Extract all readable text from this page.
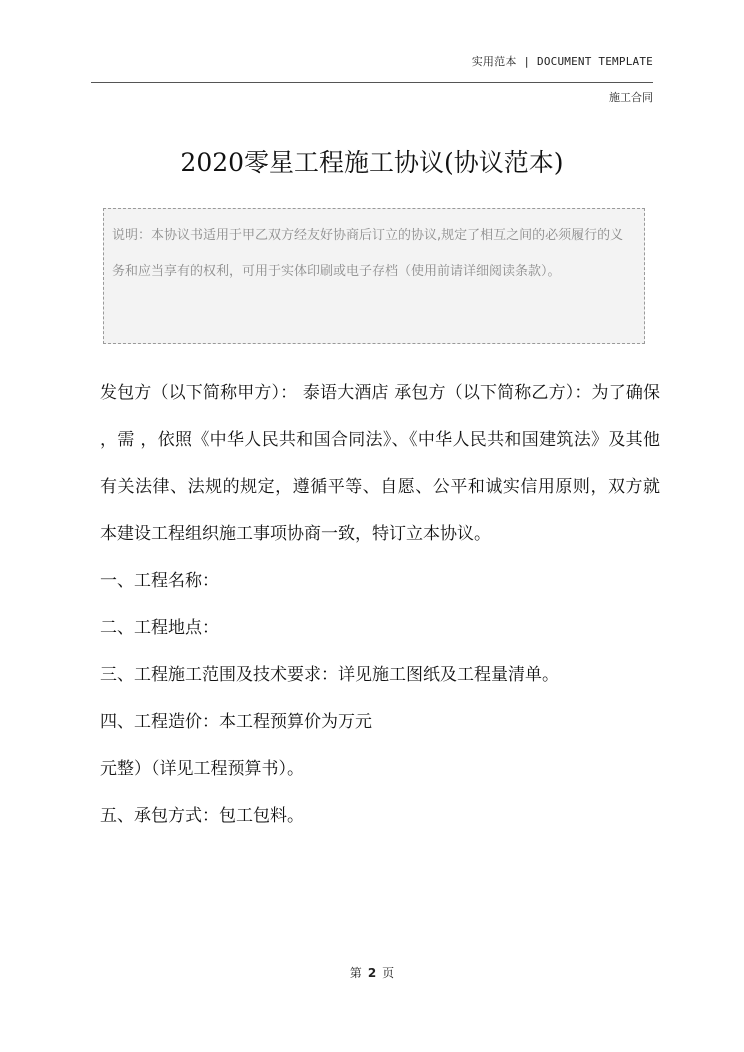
实用范本 | DOCUMENT TEMPLATE
施工合同
2020零星工程施工协议(协议范本)
说明：本协议书适用于甲乙双方经友好协商后订立的协议,规定了相互之间的必须履行的义务和应当享有的权利，可用于实体印刷或电子存档（使用前请详细阅读条款）。

发包方（以下简称甲方）： 泰语大酒店 承包方（以下简称乙方）：为了确保 ，需 ，依照《中华人民共和国合同法》、《中华人民共和国建筑法》及其他有关法律、法规的规定，遵循平等、自愿、公平和诚实信用原则，双方就本建设工程组织施工事项协商一致，特订立本协议。

一、工程名称：

二、工程地点：

三、工程施工范围及技术要求：详见施工图纸及工程量清单。

四、工程造价：本工程预算价为万元

元整）（详见工程预算书）。

五、承包方式：包工包料。

第 2 页
